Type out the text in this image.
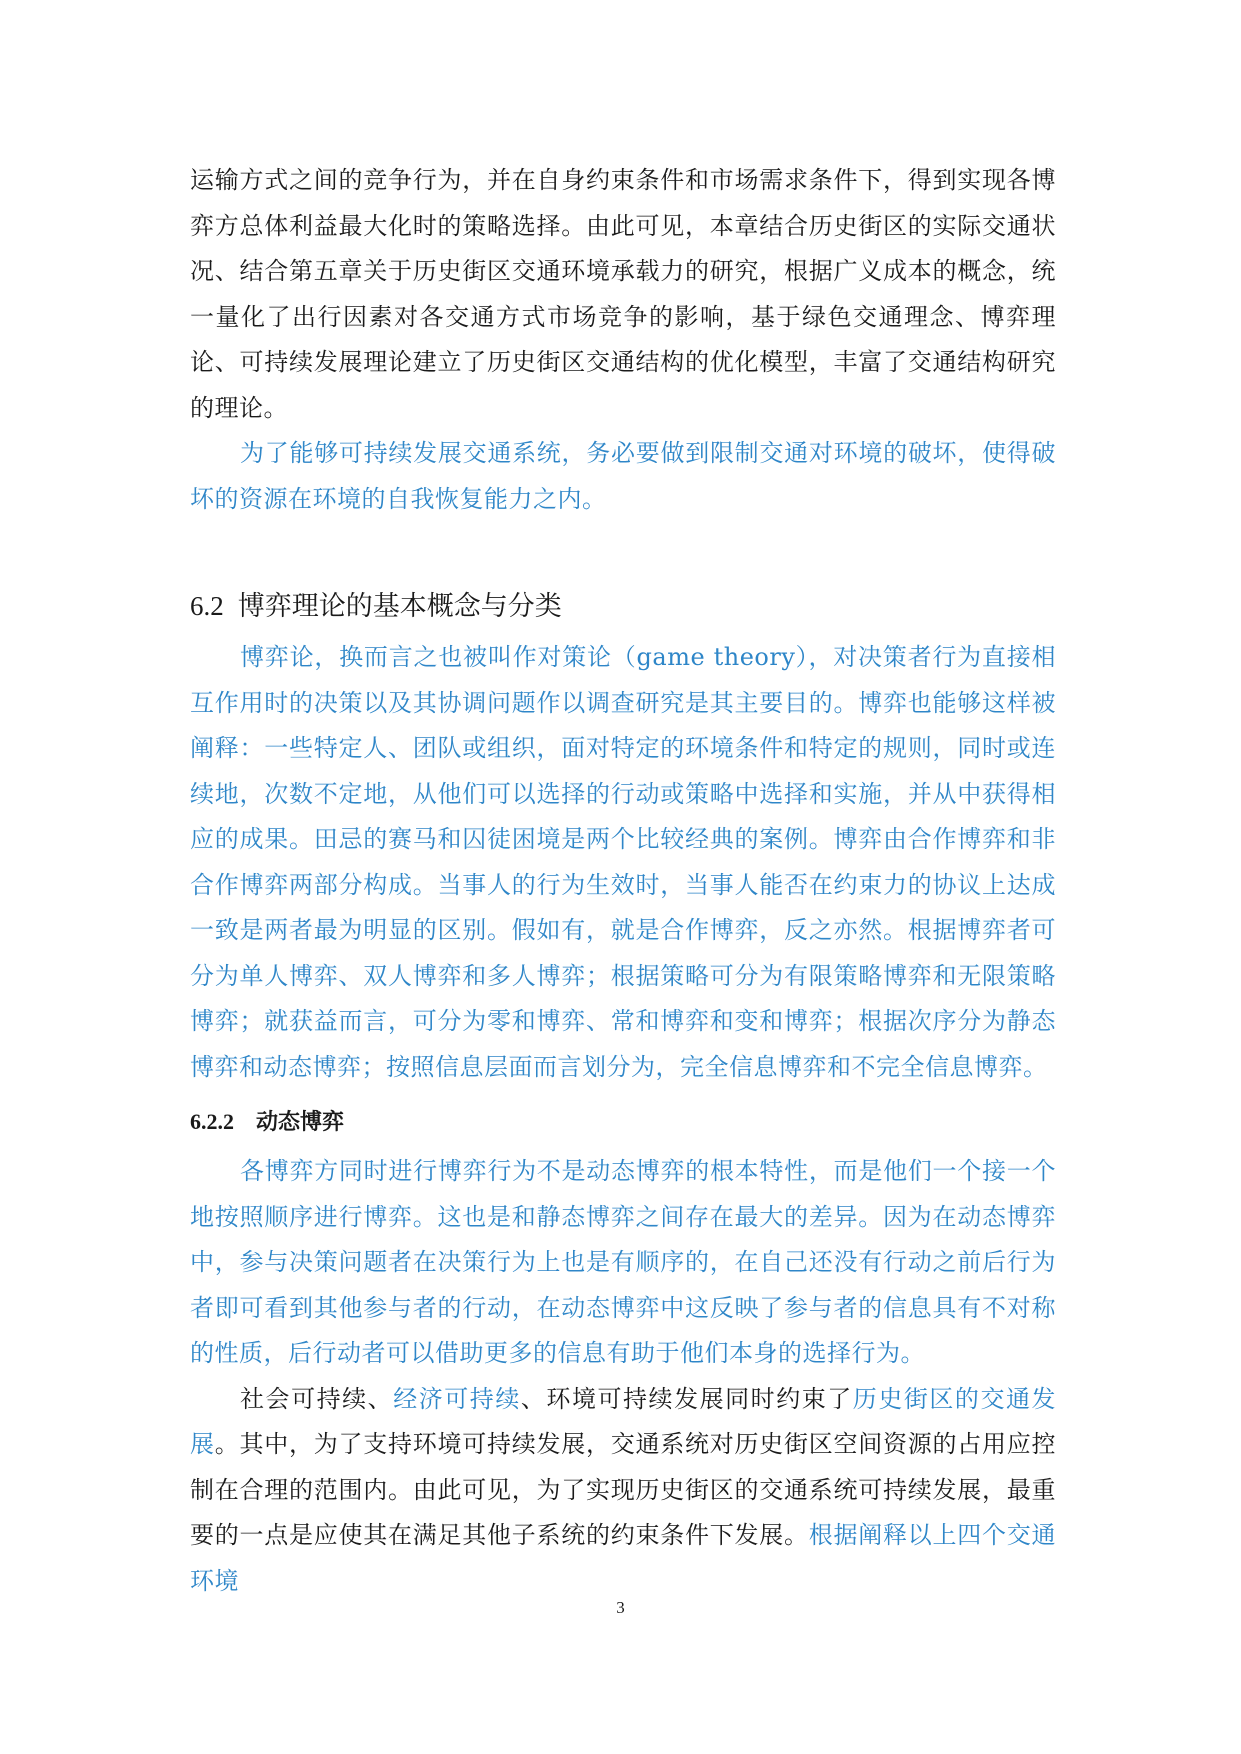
运输方式之间的竞争行为，并在自身约束条件和市场需求条件下，得到实现各博弈方总体利益最大化时的策略选择。由此可见，本章结合历史街区的实际交通状况、结合第五章关于历史街区交通环境承载力的研究，根据广义成本的概念，统一量化了出行因素对各交通方式市场竞争的影响，基于绿色交通理念、博弈理论、可持续发展理论建立了历史街区交通结构的优化模型，丰富了交通结构研究的理论。

为了能够可持续发展交通系统，务必要做到限制交通对环境的破坏，使得破坏的资源在环境的自我恢复能力之内。

6.2 博弈理论的基本概念与分类

博弈论，换而言之也被叫作对策论（game theory），对决策者行为直接相互作用时的决策以及其协调问题作以调查研究是其主要目的。博弈也能够这样被阐释：一些特定人、团队或组织，面对特定的环境条件和特定的规则，同时或连续地，次数不定地，从他们可以选择的行动或策略中选择和实施，并从中获得相应的成果。田忌的赛马和囚徒困境是两个比较经典的案例。博弈由合作博弈和非合作博弈两部分构成。当事人的行为生效时，当事人能否在约束力的协议上达成一致是两者最为明显的区别。假如有，就是合作博弈，反之亦然。根据博弈者可分为单人博弈、双人博弈和多人博弈；根据策略可分为有限策略博弈和无限策略博弈；就获益而言，可分为零和博弈、常和博弈和变和博弈；根据次序分为静态博弈和动态博弈；按照信息层面而言划分为，完全信息博弈和不完全信息博弈。

6.2.2 动态博弈

各博弈方同时进行博弈行为不是动态博弈的根本特性，而是他们一个接一个地按照顺序进行博弈。这也是和静态博弈之间存在最大的差异。因为在动态博弈中，参与决策问题者在决策行为上也是有顺序的，在自己还没有行动之前后行为者即可看到其他参与者的行动，在动态博弈中这反映了参与者的信息具有不对称的性质，后行动者可以借助更多的信息有助于他们本身的选择行为。

社会可持续、经济可持续、环境可持续发展同时约束了历史街区的交通发展。其中，为了支持环境可持续发展，交通系统对历史街区空间资源的占用应控制在合理的范围内。由此可见，为了实现历史街区的交通系统可持续发展，最重要的一点是应使其在满足其他子系统的约束条件下发展。根据阐释以上四个交通环境

3
